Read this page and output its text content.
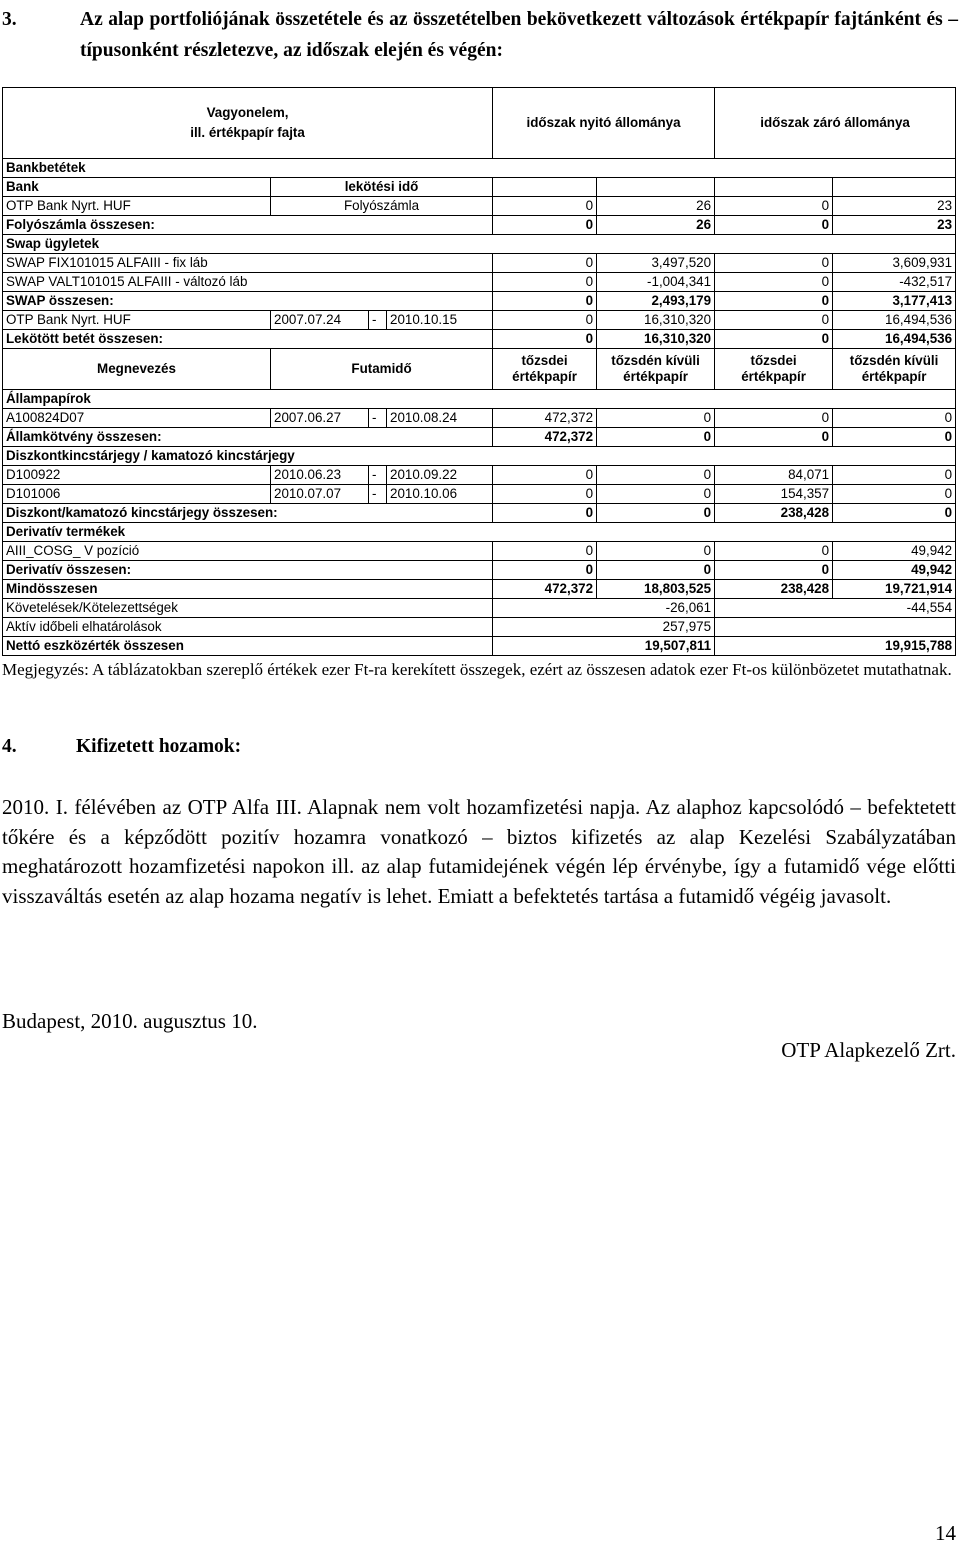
3.	Az alap portfoliójának összetétele és az összetételben bekövetkezett változások értékpapír fajtánként és –típusonként részletezve, az időszak elején és végén:
Vagyonelem,
ill. értékpapír fajta				időszak nyitó állománya		időszak záró állománya	
Bankbetétek							
Bank	lekötési idő						
OTP Bank Nyrt. HUF	Folyószámla			0	26	0	23
Folyószámla összesen:				0	26	0	23
Swap ügyletek							
SWAP FIX101015 ALFAIII - fix láb				0	3,497,520	0	3,609,931
SWAP VALT101015 ALFAIII - változó láb				0	-1,004,341	0	-432,517
SWAP összesen:				0	2,493,179	0	3,177,413
OTP Bank Nyrt. HUF	2007.07.24	-	2010.10.15	0	16,310,320	0	16,494,536
Lekötött betét összesen:				0	16,310,320	0	16,494,536
Megnevezés	Futamidő			tőzsdei értékpapír	tőzsdén kívüli értékpapír	tőzsdei értékpapír	tőzsdén kívüli értékpapír
Állampapírok							
A100824D07	2007.06.27	-	2010.08.24	472,372	0	0	0
Államkötvény összesen:				472,372	0	0	0
Diszkontkincstárjegy / kamatozó kincstárjegy							
D100922	2010.06.23	-	2010.09.22	0	0	84,071	0
D101006	2010.07.07	-	2010.10.06	0	0	154,357	0
Diszkont/kamatozó kincstárjegy összesen:				0	0	238,428	0
Derivatív termékek							
AIII_COSG_ V pozíció				0	0	0	49,942
Derivatív összesen:				0	0	0	49,942
Mindösszesen				472,372	18,803,525	238,428	19,721,914
Követelések/Kötelezettségek				-26,061		-44,554	
Aktív időbeli elhatárolások				257,975			
Nettó eszközérték összesen				19,507,811		19,915,788	
Megjegyzés: A táblázatokban szereplő értékek ezer Ft-ra kerekített összegek, ezért az összesen adatok ezer Ft-os különbözetet mutathatnak.
4.	Kifizetett hozamok:
2010. I. félévében az OTP Alfa III. Alapnak nem volt hozamfizetési napja. Az alaphoz kapcsolódó – befektetett tőkére és a képződött pozitív hozamra vonatkozó – biztos kifizetés az alap Kezelési Szabályzatában meghatározott hozamfizetési napokon ill. az alap futamidejének végén lép érvénybe, így a futamidő vége előtti visszaváltás esetén az alap hozama negatív is lehet. Emiatt a befektetés tartása a futamidő végéig javasolt.
Budapest, 2010. augusztus 10.
OTP Alapkezelő Zrt.
14
